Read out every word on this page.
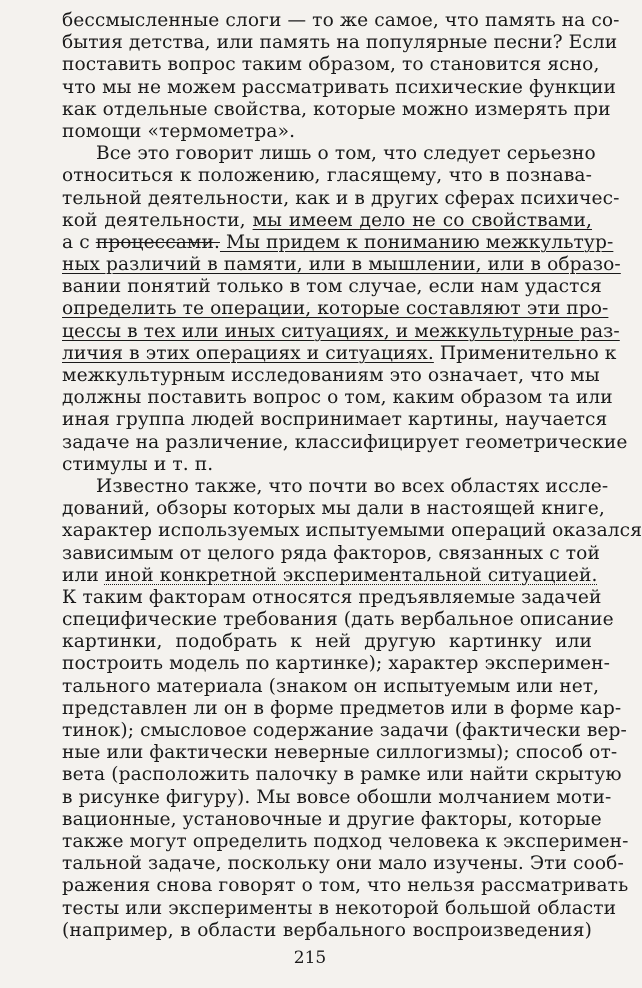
бессмысленные слоги — то же самое, что память на со-
бытия детства, или память на популярные песни? Если
поставить вопрос таким образом, то становится ясно,
что мы не можем рассматривать психические функции
как отдельные свойства, которые можно измерять при
помощи «термометра».
Все это говорит лишь о том, что следует серьезно
относиться к положению, гласящему, что в познава-
тельной деятельности, как и в других сферах психичес-
кой деятельности, мы имеем дело не со свойствами,
а с процессами. Мы придем к пониманию межкультур-
ных различий в памяти, или в мышлении, или в образо-
вании понятий только в том случае, если нам удастся
определить те операции, которые составляют эти про-
цессы в тех или иных ситуациях, и межкультурные раз-
личия в этих операциях и ситуациях. Применительно к
межкультурным исследованиям это означает, что мы
должны поставить вопрос о том, каким образом та или
иная группа людей воспринимает картины, научается
задаче на различение, классифицирует геометрические
стимулы и т. п.
Известно также, что почти во всех областях иссле-
дований, обзоры которых мы дали в настоящей книге,
характер используемых испытуемыми операций оказался
зависимым от целого ряда факторов, связанных с той
или иной конкретной экспериментальной ситуацией.
К таким факторам относятся предъявляемые задачей
специфические требования (дать вербальное описание
картинки, подобрать к ней другую картинку или
построить модель по картинке); характер эксперимен-
тального материала (знаком он испытуемым или нет,
представлен ли он в форме предметов или в форме кар-
тинок); смысловое содержание задачи (фактически вер-
ные или фактически неверные силлогизмы); способ от-
вета (расположить палочку в рамке или найти скрытую
в рисунке фигуру). Мы вовсе обошли молчанием моти-
вационные, установочные и другие факторы, которые
также могут определить подход человека к эксперимен-
тальной задаче, поскольку они мало изучены. Эти сооб-
ражения снова говорят о том, что нельзя рассматривать
тесты или эксперименты в некоторой большой области
(например, в области вербального воспроизведения)
215
